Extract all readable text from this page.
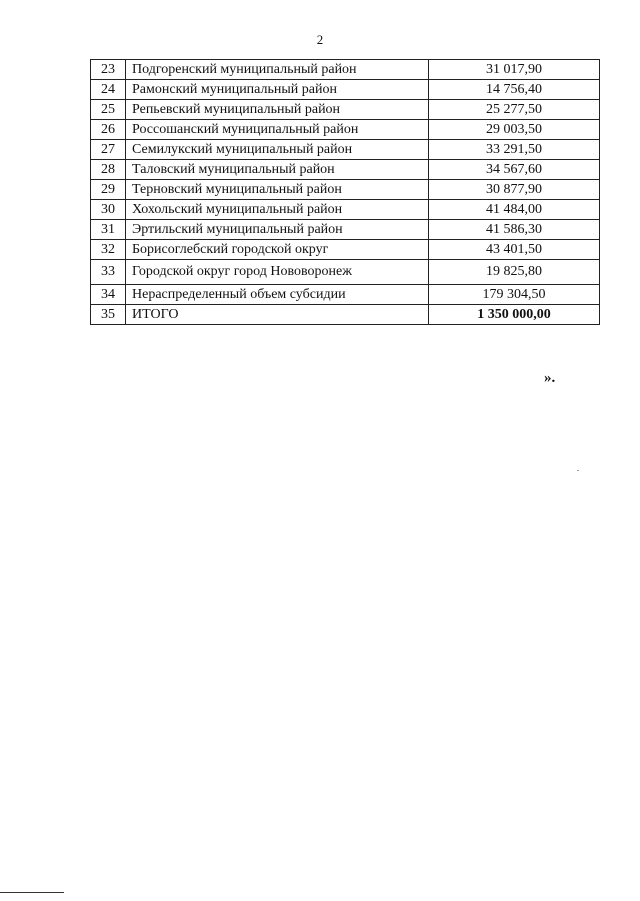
2
23	Подгоренский муниципальный район	31 017,90
24	Рамонский муниципальный район	14 756,40
25	Репьевский муниципальный район	25 277,50
26	Россошанский муниципальный район	29 003,50
27	Семилукский муниципальный район	33 291,50
28	Таловский муниципальный район	34 567,60
29	Терновский муниципальный район	30 877,90
30	Хохольский муниципальный район	41 484,00
31	Эртильский муниципальный район	41 586,30
32	Борисоглебский городской округ	43 401,50
33	Городской округ город Нововоронеж	19 825,80
34	Нераспределенный объем субсидии	179 304,50
35	ИТОГО	1 350 000,00
».
